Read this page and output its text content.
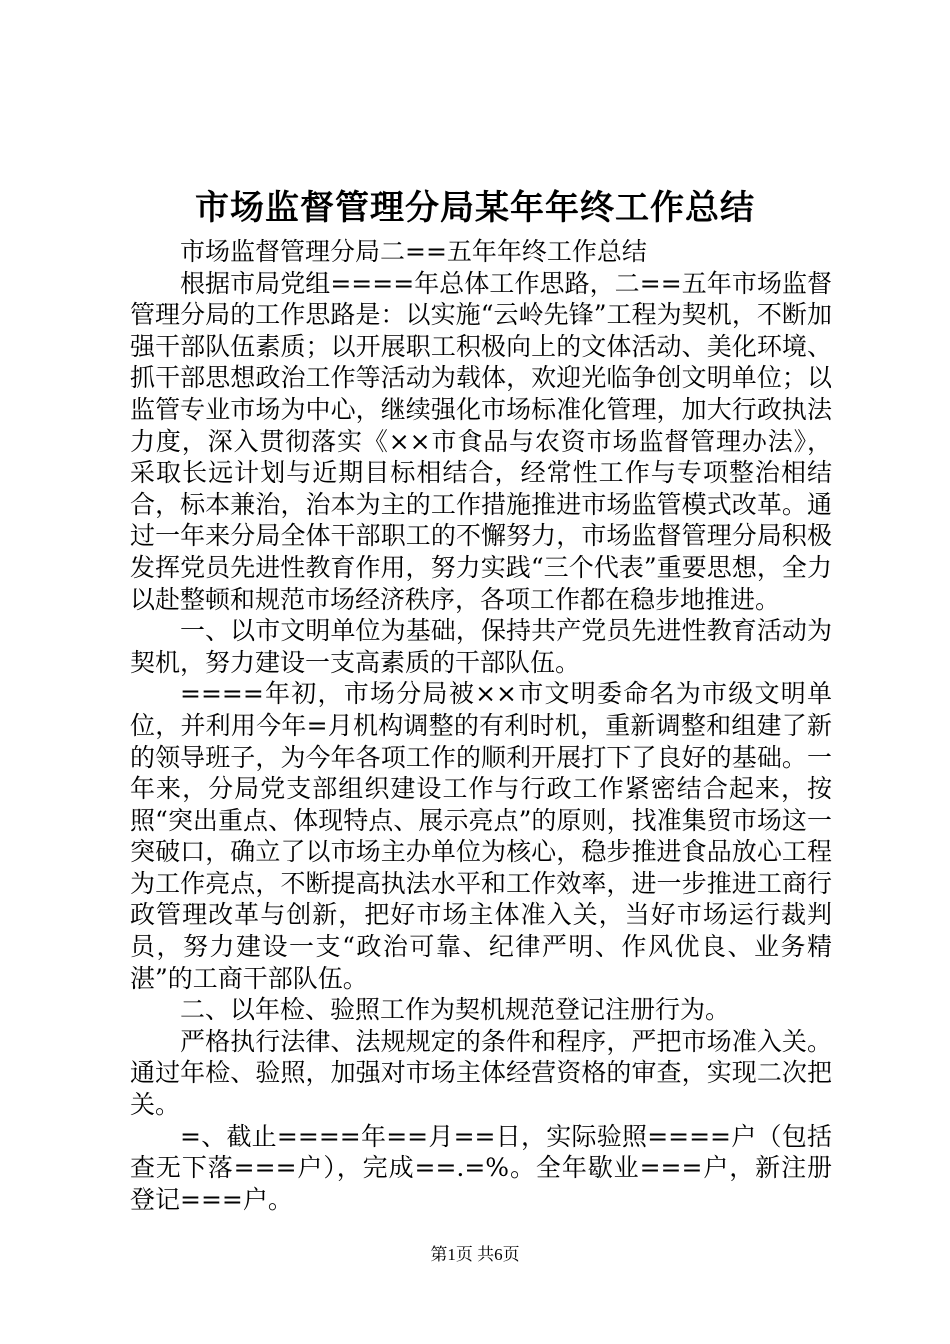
市场监督管理分局某年年终工作总结

市场监督管理分局二==五年年终工作总结

根据市局党组====年总体工作思路，二==五年市场监督管理分局的工作思路是：以实施“云岭先锋”工程为契机，不断加强干部队伍素质；以开展职工积极向上的文体活动、美化环境、抓干部思想政治工作等活动为载体，欢迎光临争创文明单位；以监管专业市场为中心，继续强化市场标准化管理，加大行政执法力度，深入贯彻落实《××市食品与农资市场监督管理办法》，采取长远计划与近期目标相结合，经常性工作与专项整治相结合，标本兼治，治本为主的工作措施推进市场监管模式改革。通过一年来分局全体干部职工的不懈努力，市场监督管理分局积极发挥党员先进性教育作用，努力实践“三个代表”重要思想，全力以赴整顿和规范市场经济秩序，各项工作都在稳步地推进。

一、以市文明单位为基础，保持共产党员先进性教育活动为契机，努力建设一支高素质的干部队伍。

====年初，市场分局被××市文明委命名为市级文明单位，并利用今年=月机构调整的有利时机，重新调整和组建了新的领导班子，为今年各项工作的顺利开展打下了良好的基础。一年来，分局党支部组织建设工作与行政工作紧密结合起来，按照“突出重点、体现特点、展示亮点”的原则，找准集贸市场这一突破口，确立了以市场主办单位为核心，稳步推进食品放心工程为工作亮点，不断提高执法水平和工作效率，进一步推进工商行政管理改革与创新，把好市场主体准入关，当好市场运行裁判员，努力建设一支“政治可靠、纪律严明、作风优良、业务精湛”的工商干部队伍。

二、以年检、验照工作为契机规范登记注册行为。

严格执行法律、法规规定的条件和程序，严把市场准入关。通过年检、验照，加强对市场主体经营资格的审查，实现二次把关。

=、截止====年==月==日，实际验照====户（包括查无下落===户），完成==.=%。全年歇业===户，新注册登记===户。

第1页 共6页
